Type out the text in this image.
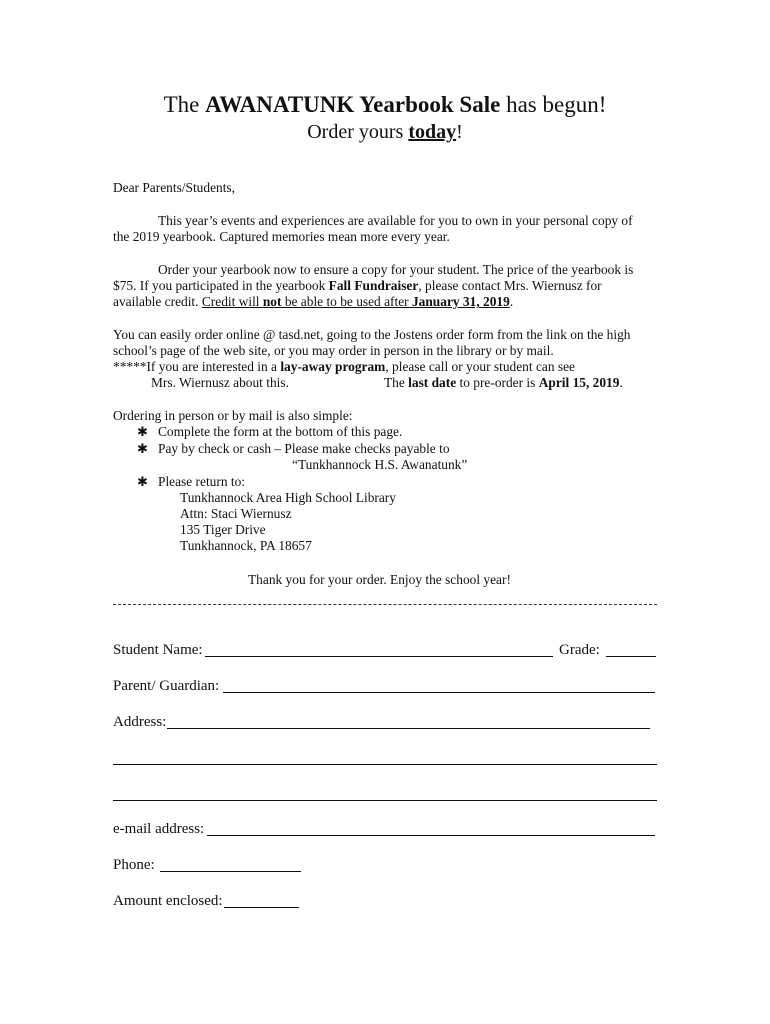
The AWANATUNK Yearbook Sale has begun!
Order yours today!
Dear Parents/Students,
This year’s events and experiences are available for you to own in your personal copy of
the 2019 yearbook. Captured memories mean more every year.
Order your yearbook now to ensure a copy for your student. The price of the yearbook is
$75. If you participated in the yearbook Fall Fundraiser, please contact Mrs. Wiernusz for
available credit. Credit will not be able to be used after January 31, 2019.
You can easily order online @ tasd.net, going to the Jostens order form from the link on the high
school’s page of the web site, or you may order in person in the library or by mail.
*****If you are interested in a lay-away program, please call or your student can see
Mrs. Wiernusz about this.	The last date to pre-order is April 15, 2019.
Ordering in person or by mail is also simple:
✱ Complete the form at the bottom of this page.
✱ Pay by check or cash – Please make checks payable to
“Tunkhannock H.S. Awanatunk”
✱ Please return to:
Tunkhannock Area High School Library
Attn: Staci Wiernusz
135 Tiger Drive
Tunkhannock, PA 18657
Thank you for your order. Enjoy the school year!
Student Name:	Grade:
Parent/ Guardian:
Address:
e-mail address:
Phone:
Amount enclosed:
